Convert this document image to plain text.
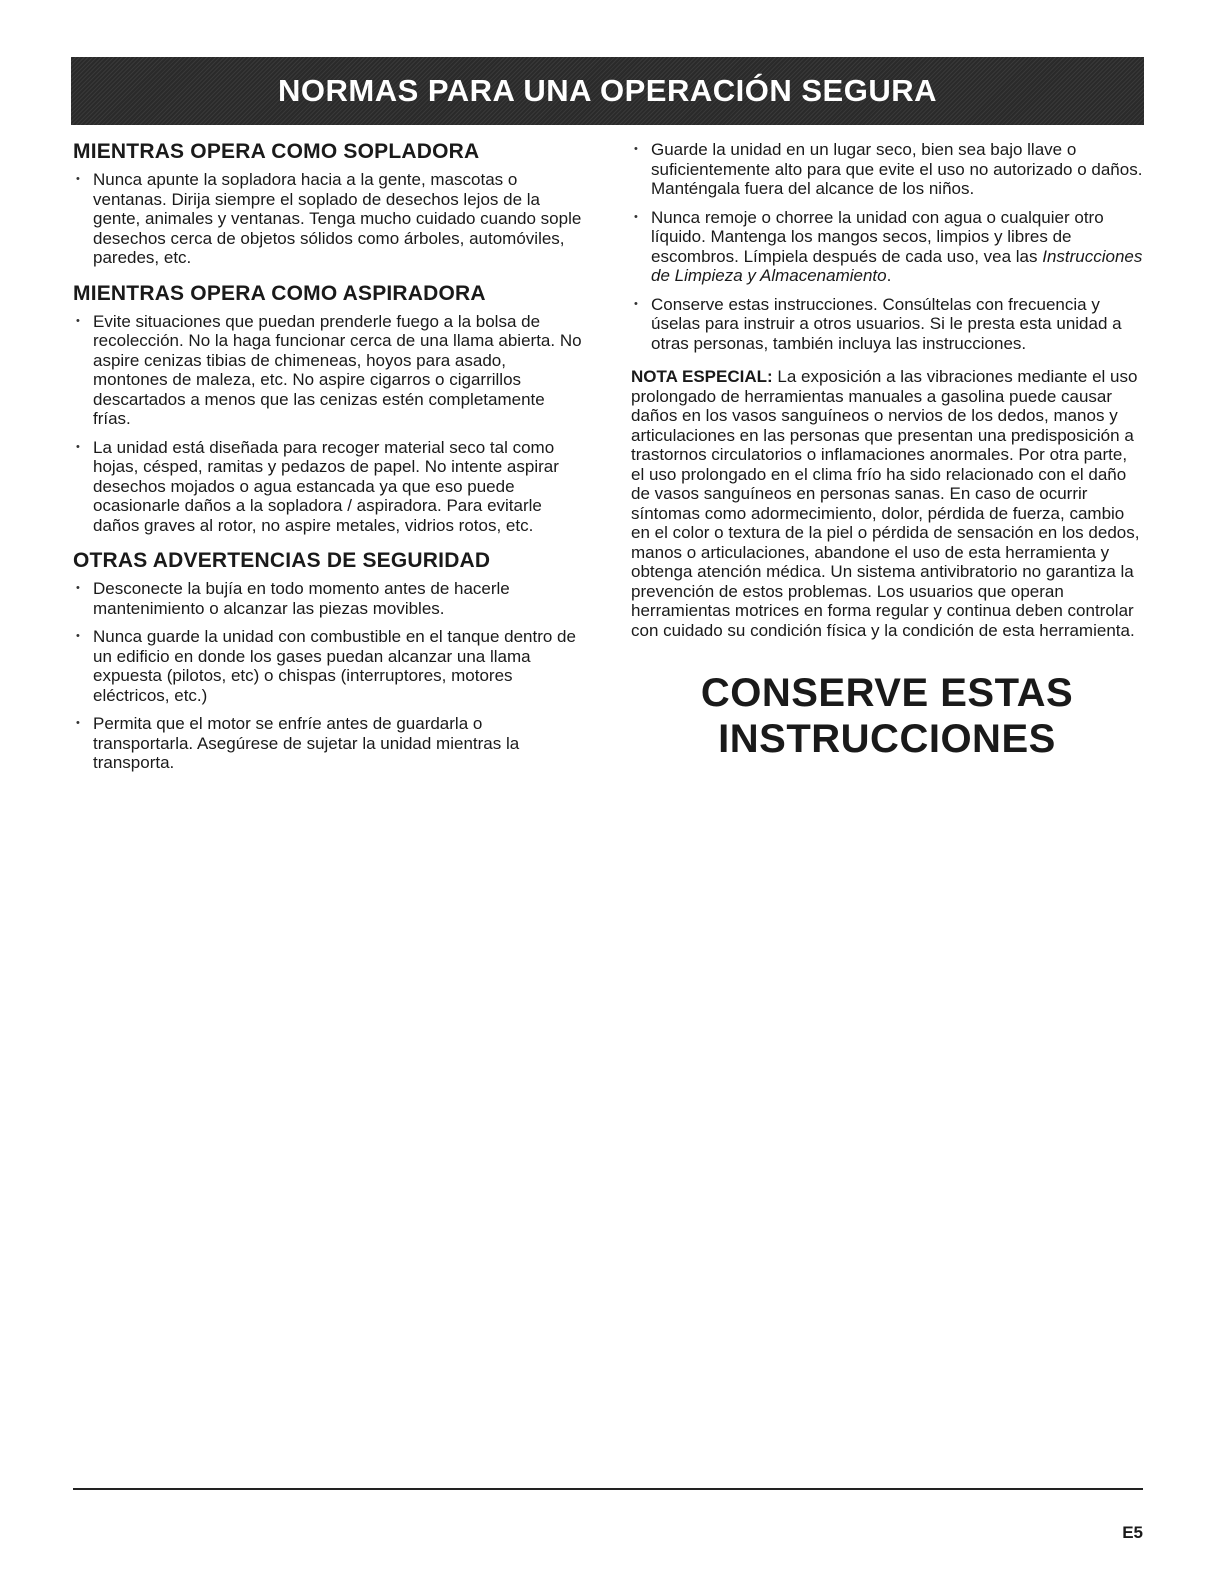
NORMAS PARA UNA OPERACIÓN SEGURA
MIENTRAS OPERA COMO SOPLADORA
• Nunca apunte la sopladora hacia a la gente, mascotas o ventanas. Dirija siempre el soplado de desechos lejos de la gente, animales y ventanas. Tenga mucho cuidado cuando sople desechos cerca de objetos sólidos como árboles, automóviles, paredes, etc.
MIENTRAS OPERA COMO ASPIRADORA
• Evite situaciones que puedan prenderle fuego a la bolsa de recolección. No la haga funcionar cerca de una llama abierta. No aspire cenizas tibias de chimeneas, hoyos para asado, montones de maleza, etc. No aspire cigarros o cigarrillos descartados a menos que las cenizas estén completamente frías.
• La unidad está diseñada para recoger material seco tal como hojas, césped, ramitas y pedazos de papel. No intente aspirar desechos mojados o agua estancada ya que eso puede ocasionarle daños a la sopladora / aspiradora. Para evitarle daños graves al rotor, no aspire metales, vidrios rotos, etc.
OTRAS ADVERTENCIAS DE SEGURIDAD
• Desconecte la bujía en todo momento antes de hacerle mantenimiento o alcanzar las piezas movibles.
• Nunca guarde la unidad con combustible en el tanque dentro de un edificio en donde los gases puedan alcanzar una llama expuesta (pilotos, etc) o chispas (interruptores, motores eléctricos, etc.)
• Permita que el motor se enfríe antes de guardarla o transportarla. Asegúrese de sujetar la unidad mientras la transporta.
• Guarde la unidad en un lugar seco, bien sea bajo llave o suficientemente alto para que evite el uso no autorizado o daños. Manténgala fuera del alcance de los niños.
• Nunca remoje o chorree la unidad con agua o cualquier otro líquido. Mantenga los mangos secos, limpios y libres de escombros. Límpiela después de cada uso, vea las Instrucciones de Limpieza y Almacenamiento.
• Conserve estas instrucciones. Consúltelas con frecuencia y úselas para instruir a otros usuarios. Si le presta esta unidad a otras personas, también incluya las instrucciones.

NOTA ESPECIAL: La exposición a las vibraciones mediante el uso prolongado de herramientas manuales a gasolina puede causar daños en los vasos sanguíneos o nervios de los dedos, manos y articulaciones en las personas que presentan una predisposición a trastornos circulatorios o inflamaciones anormales. Por otra parte, el uso prolongado en el clima frío ha sido relacionado con el daño de vasos sanguíneos en personas sanas. En caso de ocurrir síntomas como adormecimiento, dolor, pérdida de fuerza, cambio en el color o textura de la piel o pérdida de sensación en los dedos, manos o articulaciones, abandone el uso de esta herramienta y obtenga atención médica. Un sistema antivibratorio no garantiza la prevención de estos problemas. Los usuarios que operan herramientas motrices en forma regular y continua deben controlar con cuidado su condición física y la condición de esta herramienta.

CONSERVE ESTAS
INSTRUCCIONES
E5
